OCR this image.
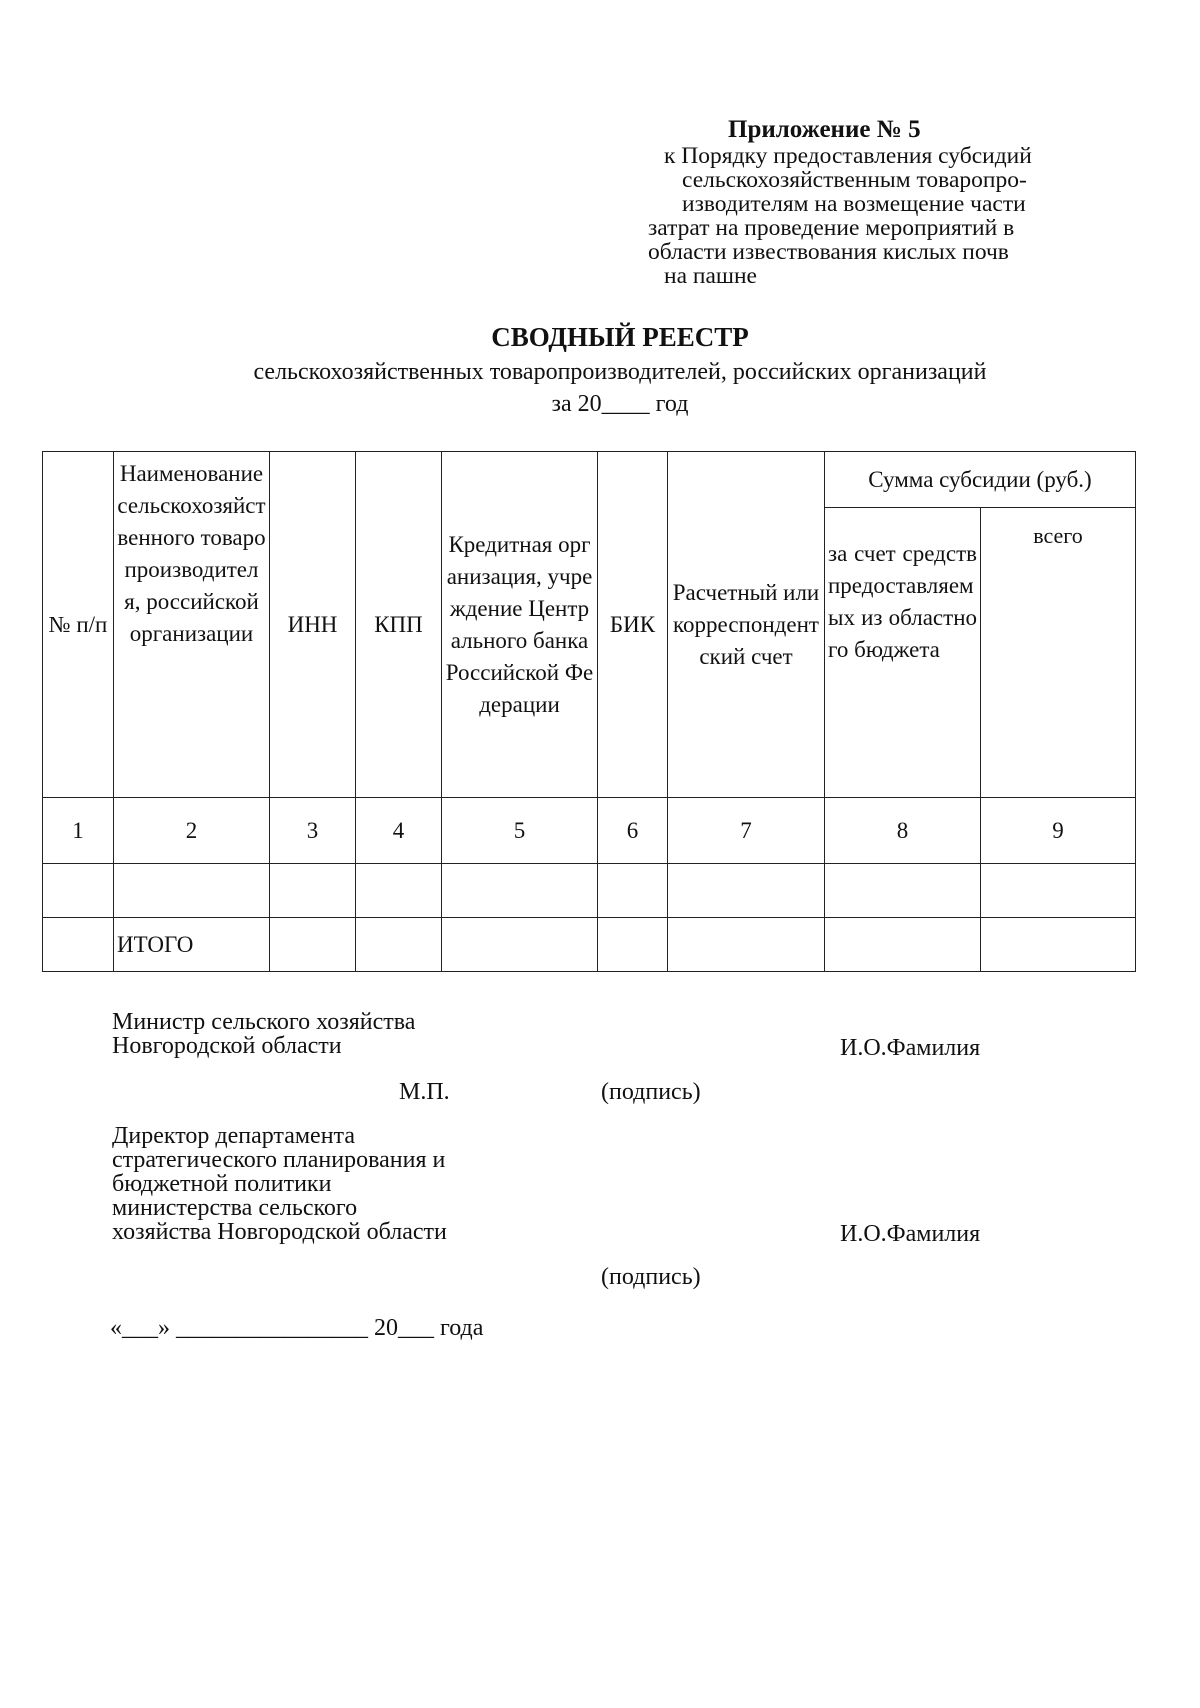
Приложение № 5
к Порядку предоставления субсидий
сельскохозяйственным товаропро-
изводителям на возмещение части
затрат на проведение мероприятий в
области извествования кислых почв
на пашне
СВОДНЫЙ РЕЕСТР
сельскохозяйственных товаропроизводителей, российских организаций
за 20____ год
№ п/п	Наименование сельскохозяйственного товаропроизводителя, российской организации	ИНН	КПП	Кредитная организация, учреждение Центрального банка Российской Федерации	БИК	Расчетный или корреспондентский счет	Сумма субсидии (руб.)	

							за счет средств предоставляемых из областного бюджета	всего

1	2	3	4	5	6	7	8	9

	ИТОГО							
Министр сельского хозяйства
Новгородской области	И.О.Фамилия
М.П.	(подпись)
Директор департамента
стратегического планирования и
бюджетной политики
министерства сельского
хозяйства Новгородской области	И.О.Фамилия
(подпись)
«___» ________________ 20___ года
